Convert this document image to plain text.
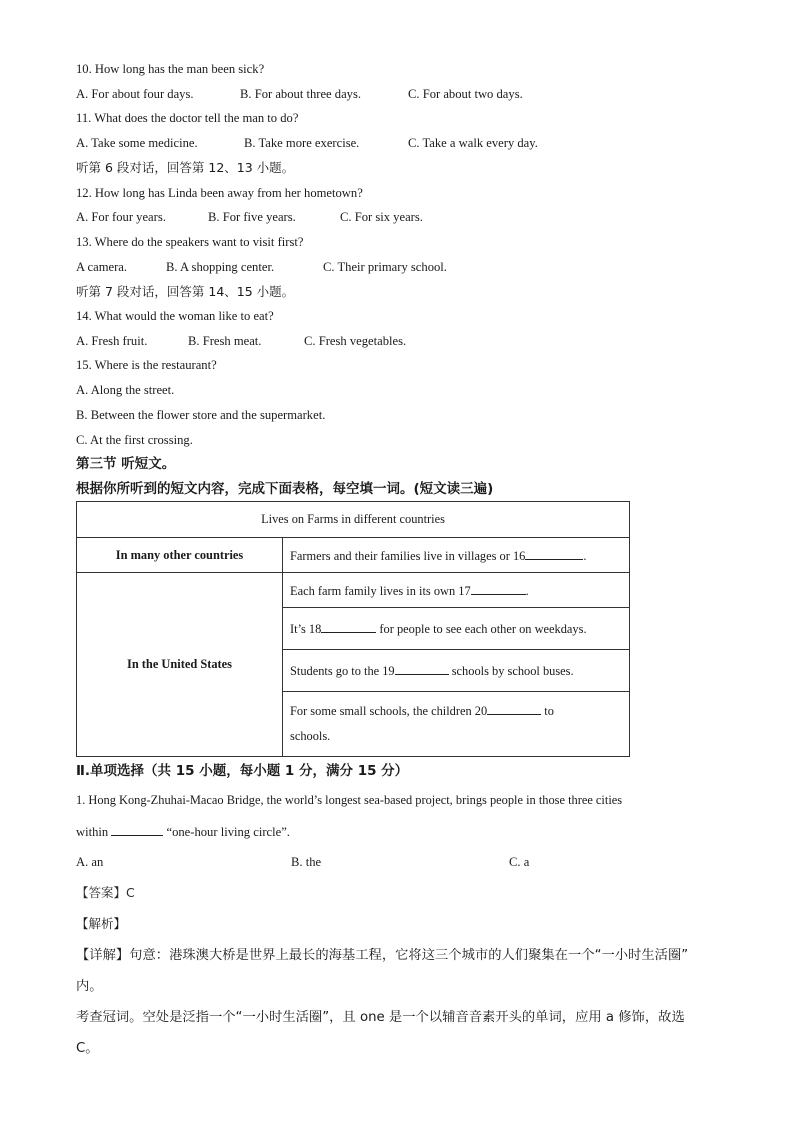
10. How long has the man been sick?
A. For about four days.	B. For about three days.	C. For about two days.
11. What does the doctor tell the man to do?
A. Take some medicine.	B. Take more exercise.	C. Take a walk every day.
听第 6 段对话，回答第 12、13 小题。
12. How long has Linda been away from her hometown?
A. For four years.	B. For five years.	C. For six years.
13. Where do the speakers want to visit first?
A camera.	B. A shopping center.	C. Their primary school.
听第 7 段对话，回答第 14、15 小题。
14. What would the woman like to eat?
A. Fresh fruit.	B. Fresh meat.	C. Fresh vegetables.
15. Where is the restaurant?
A. Along the street.
B. Between the flower store and the supermarket.
C. At the first crossing.
第三节 听短文。
根据你所听到的短文内容，完成下面表格，每空填一词。(短文读三遍)
Lives on Farms in different countries	
In many other countries	Farmers and their families live in villages or 16 .
In the United States	Each farm family lives in its own 17 .
	It’s 18 for people to see each other on weekdays.
	Students go to the 19 schools by school buses.
	For some small schools, the children 20 to
schools.
Ⅱ.单项选择（共 15 小题，每小题 1 分，满分 15 分）
1. Hong Kong-Zhuhai-Macao Bridge, the world’s longest sea-based project, brings people in those three cities
within	“one-hour living circle”.
A. an	B. the	C. a
【答案】C
【解析】
【详解】句意：港珠澳大桥是世界上最长的海基工程，它将这三个城市的人们聚集在一个“一小时生活圈”
内。
考查冠词。空处是泛指一个“一小时生活圈”，且 one 是一个以辅音音素开头的单词，应用 a 修饰，故选
C。
